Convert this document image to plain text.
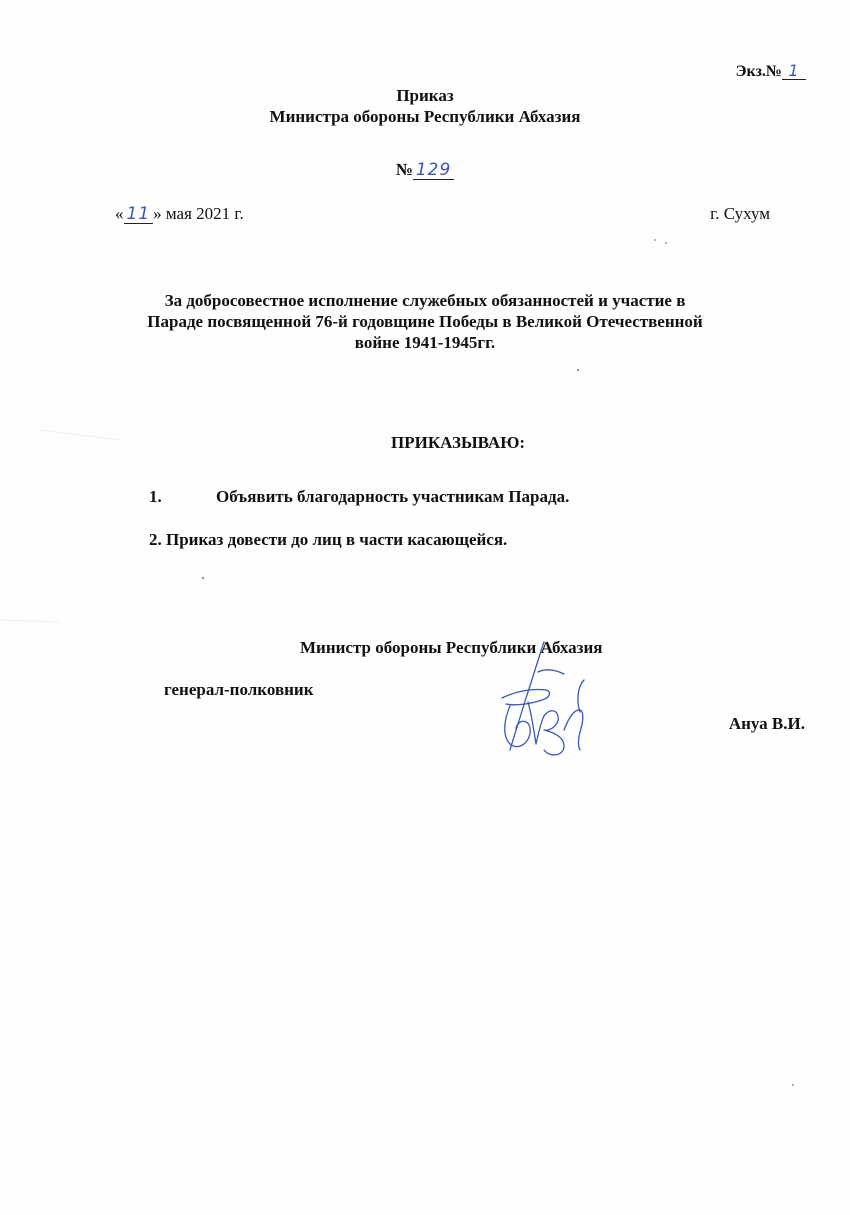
Экз.№ 1
Приказ
Министра обороны Республики Абхазия
№ 129
« 11 » мая 2021 г.	г. Сухум
За добросовестное исполнение служебных обязанностей и участие в
Параде посвященной 76-й годовщине Победы в Великой Отечественной
войне 1941-1945гг.
ПРИКАЗЫВАЮ:
1.	Объявить благодарность участникам Парада.
2. Приказ довести до лиц в части касающейся.
Министр обороны Республики Абхазия
генерал-полковник
Ануа В.И.
